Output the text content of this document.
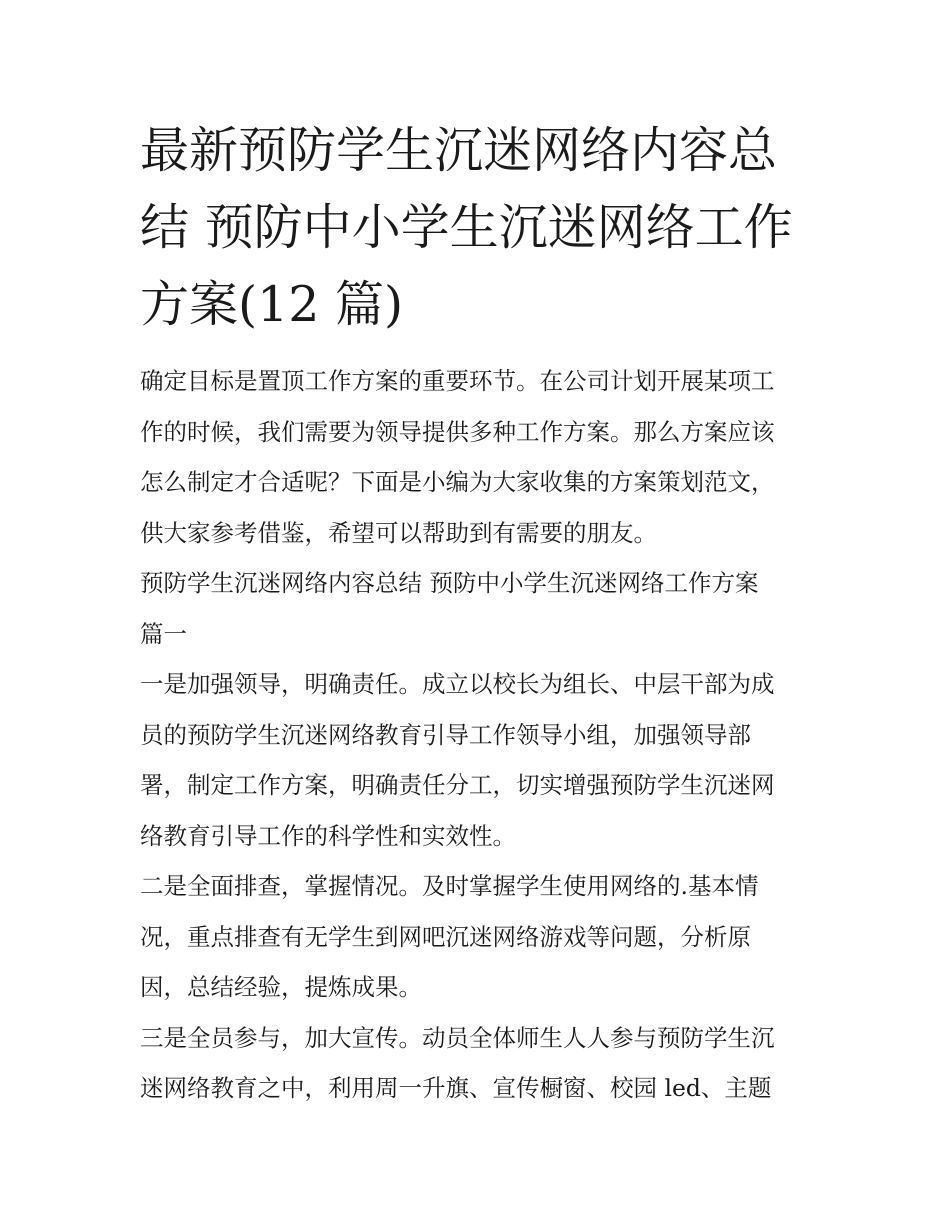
最新预防学生沉迷网络内容总
结 预防中小学生沉迷网络工作
方案(12 篇)

确定目标是置顶工作方案的重要环节。在公司计划开展某项工
作的时候，我们需要为领导提供多种工作方案。那么方案应该
怎么制定才合适呢？下面是小编为大家收集的方案策划范文，
供大家参考借鉴，希望可以帮助到有需要的朋友。

预防学生沉迷网络内容总结 预防中小学生沉迷网络工作方案
篇一

一是加强领导，明确责任。成立以校长为组长、中层干部为成
员的预防学生沉迷网络教育引导工作领导小组，加强领导部
署，制定工作方案，明确责任分工，切实增强预防学生沉迷网
络教育引导工作的科学性和实效性。

二是全面排查，掌握情况。及时掌握学生使用网络的.基本情
况，重点排查有无学生到网吧沉迷网络游戏等问题，分析原
因，总结经验，提炼成果。

三是全员参与，加大宣传。动员全体师生人人参与预防学生沉
迷网络教育之中，利用周一升旗、宣传橱窗、校园 led、主题
